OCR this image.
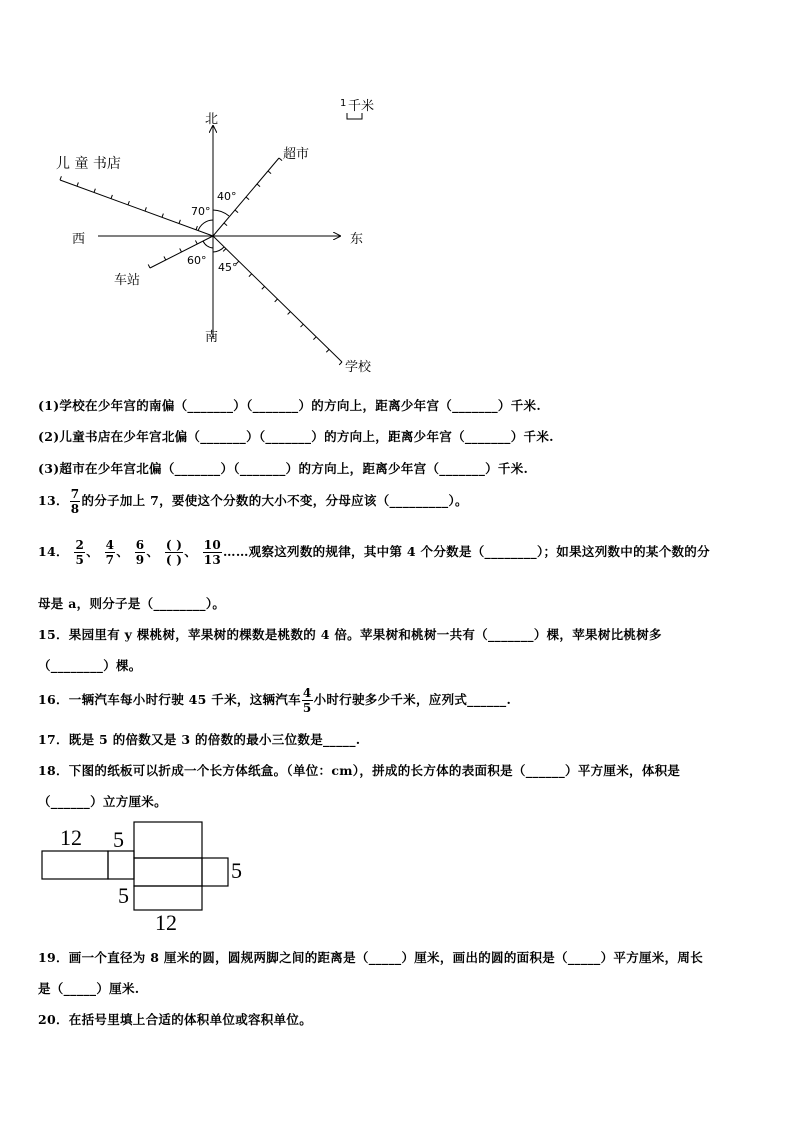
北
南
东
西
1 千米
儿 童 书店
超市
车站
学校
40°
70°
60°
45°
(1)学校在少年宫的南偏（_______）（_______）的方向上，距离少年宫（_______）千米.
(2)儿童书店在少年宫北偏（_______）（_______）的方向上，距离少年宫（_______）千米.
(3)超市在少年宫北偏（_______）（_______）的方向上，距离少年宫（_______）千米.
13． $\frac{7}{8}$ 的分子加上 7，要使这个分数的大小不变，分母应该（_________）。
14． $\frac{2}{5}$ 、 $\frac{4}{7}$ 、 $\frac{6}{9}$ 、 $\frac{( )}{( )}$ 、 $\frac{10}{13}$ ……观察这列数的规律，其中第 4 个分数是（________）；如果这列数中的某个数的分
母是 a，则分子是（________）。
15．果园里有 y 棵桃树，苹果树的棵数是桃数的 4 倍。苹果树和桃树一共有（_______）棵，苹果树比桃树多
（________）棵。
16．一辆汽车每小时行驶 45 千米，这辆汽车 $\frac{4}{5}$ 小时行驶多少千米，应列式______.
17．既是 5 的倍数又是 3 的倍数的最小三位数是_____.
18．下图的纸板可以折成一个长方体纸盒。（单位：cm），拼成的长方体的表面积是（______）平方厘米，体积是
（______）立方厘米。
12 5
5
5
12
19．画一个直径为 8 厘米的圆，圆规两脚之间的距离是（_____）厘米，画出的圆的面积是（_____）平方厘米，周长
是（_____）厘米.
20．在括号里填上合适的体积单位或容积单位。
